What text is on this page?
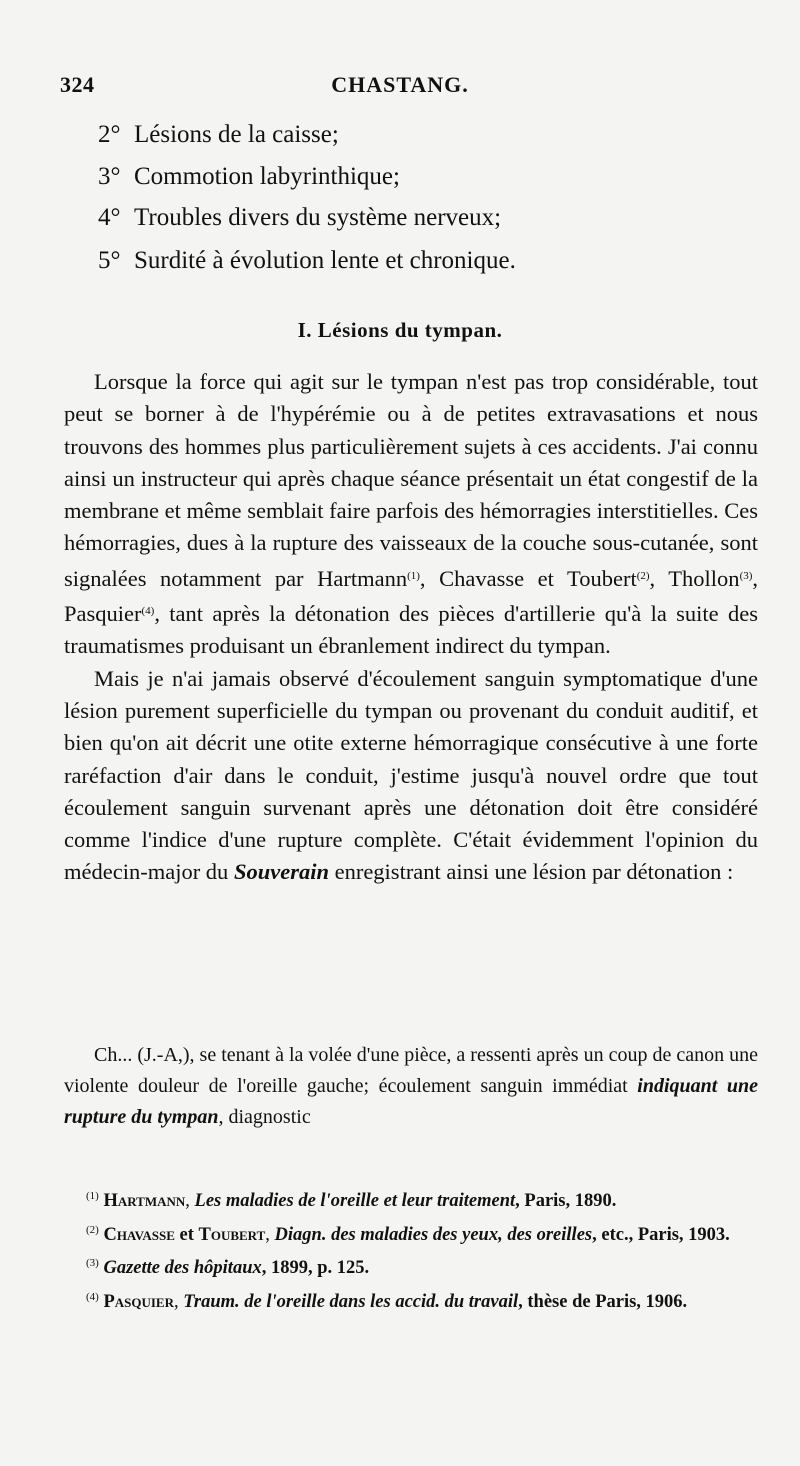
324	CHASTANG.
2° Lésions de la caisse;
3° Commotion labyrinthique;
4° Troubles divers du système nerveux;
5° Surdité à évolution lente et chronique.
I. Lésions du tympan.

Lorsque la force qui agit sur le tympan n'est pas trop considérable, tout peut se borner à de l'hypérémie ou à de petites extravasations et nous trouvons des hommes plus particulièrement sujets à ces accidents. J'ai connu ainsi un instructeur qui après chaque séance présentait un état congestif de la membrane et même semblait faire parfois des hémorragies interstitielles. Ces hémorragies, dues à la rupture des vaisseaux de la couche sous-cutanée, sont signalées notamment par Hartmann$^{(1)}$, Chavasse et Toubert$^{(2)}$, Thollon$^{(3)}$, Pasquier$^{(4)}$, tant après la détonation des pièces d'artillerie qu'à la suite des traumatismes produisant un ébranlement indirect du tympan.

Mais je n'ai jamais observé d'écoulement sanguin symptomatique d'une lésion purement superficielle du tympan ou provenant du conduit auditif, et bien qu'on ait décrit une otite externe hémorragique consécutive à une forte raréfaction d'air dans le conduit, j'estime jusqu'à nouvel ordre que tout écoulement sanguin survenant après une détonation doit être considéré comme l'indice d'une rupture complète. C'était évidemment l'opinion du médecin-major du Souverain enregistrant ainsi une lésion par détonation :

Ch... (J.-A,), se tenant à la volée d'une pièce, a ressenti après un coup de canon une violente douleur de l'oreille gauche; écoulement sanguin immédiat indiquant une rupture du tympan, diagnostic

$^{(1)}$ Hartmann, Les maladies de l'oreille et leur traitement, Paris, 1890.

$^{(2)}$ Chavasse et Toubert, Diagn. des maladies des yeux, des oreilles, etc., Paris, 1903.

$^{(3)}$ Gazette des hôpitaux, 1899, p. 125.

$^{(4)}$ Pasquier, Traum. de l'oreille dans les accid. du travail, thèse de Paris, 1906.
